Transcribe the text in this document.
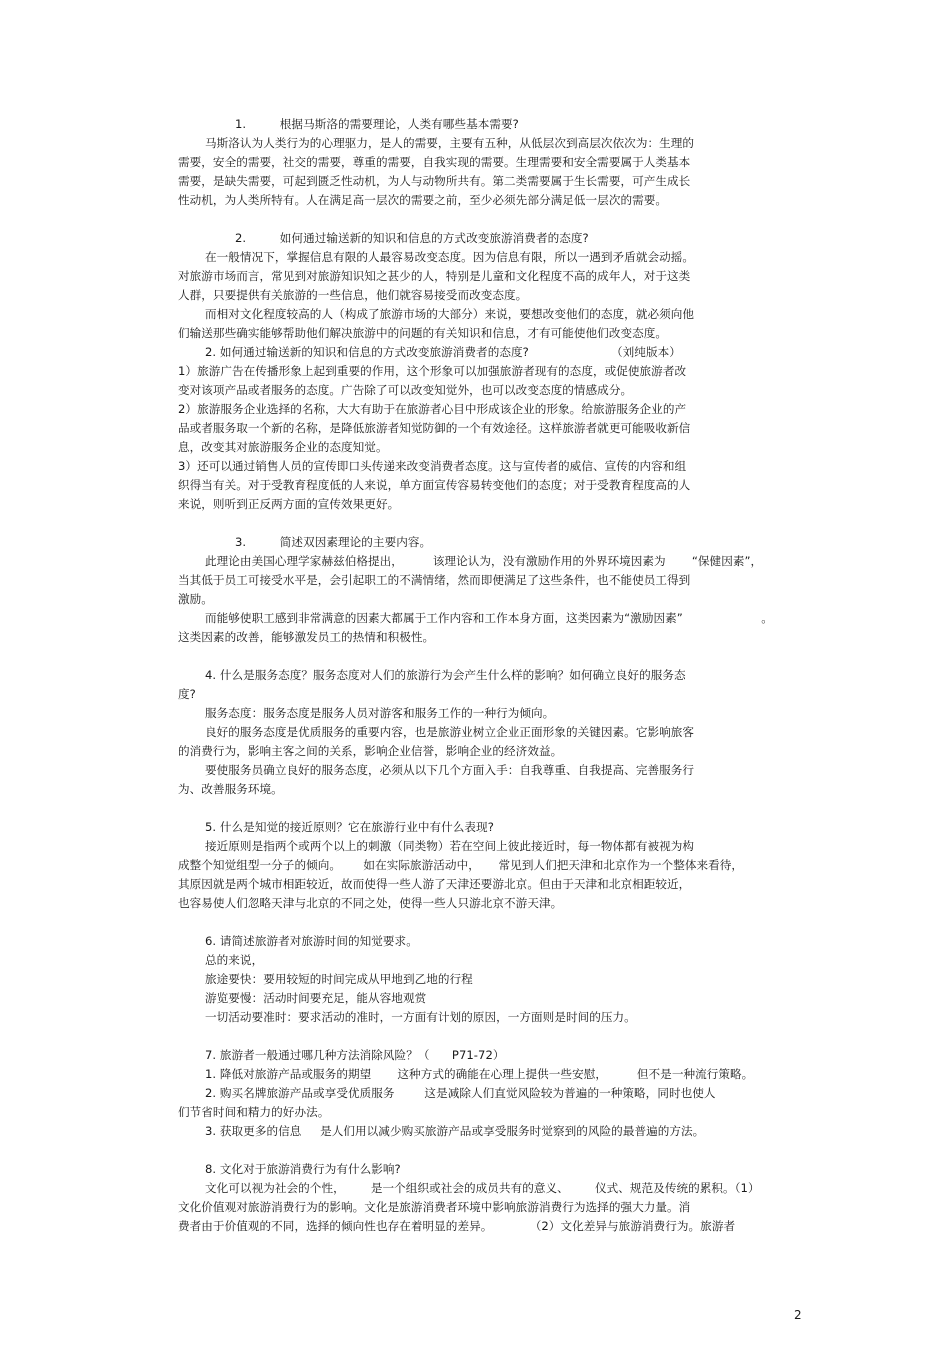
1.         根据马斯洛的需要理论，人类有哪些基本需要?
马斯洛认为人类行为的心理驱力，是人的需要，主要有五种，从低层次到高层次依次为：生理的
需要，安全的需要，社交的需要，尊重的需要，自我实现的需要。生理需要和安全需要属于人类基本
需要，是缺失需要，可起到匮乏性动机，为人与动物所共有。第二类需要属于生长需要，可产生成长
性动机，为人类所特有。人在满足高一层次的需要之前，至少必须先部分满足低一层次的需要。
2.         如何通过输送新的知识和信息的方式改变旅游消费者的态度?
在一般情况下，掌握信息有限的人最容易改变态度。因为信息有限，所以一遇到矛盾就会动摇。
对旅游市场而言，常见到对旅游知识知之甚少的人，特别是儿童和文化程度不高的成年人，对于这类
人群，只要提供有关旅游的一些信息，他们就容易接受而改变态度。
而相对文化程度较高的人（构成了旅游市场的大部分）来说，要想改变他们的态度，就必须向他
们输送那些确实能够帮助他们解决旅游中的问题的有关知识和信息，才有可能使他们改变态度。
2. 如何通过输送新的知识和信息的方式改变旅游消费者的态度?                      （刘纯版本）
1）旅游广告在传播形象上起到重要的作用，这个形象可以加强旅游者现有的态度，或促使旅游者改
变对该项产品或者服务的态度。广告除了可以改变知觉外，也可以改变态度的情感成分。
2）旅游服务企业选择的名称，大大有助于在旅游者心目中形成该企业的形象。给旅游服务企业的产
品或者服务取一个新的名称，是降低旅游者知觉防御的一个有效途径。这样旅游者就更可能吸收新信
息，改变其对旅游服务企业的态度知觉。
3）还可以通过销售人员的宣传即口头传递来改变消费者态度。这与宣传者的威信、宣传的内容和组
织得当有关。对于受教育程度低的人来说，单方面宣传容易转变他们的态度；对于受教育程度高的人
来说，则听到正反两方面的宣传效果更好。
3.         简述双因素理论的主要内容。
此理论由美国心理学家赫兹伯格提出，        该理论认为，没有激励作用的外界环境因素为       “保健因素”，
当其低于员工可接受水平是，会引起职工的不满情绪，然而即便满足了这些条件，也不能使员工得到
激励。
而能够使职工感到非常满意的因素大都属于工作内容和工作本身方面，这类因素为“激励因素”                     。
这类因素的改善，能够激发员工的热情和积极性。
4. 什么是服务态度？服务态度对人们的旅游行为会产生什么样的影响？如何确立良好的服务态
度?
服务态度：服务态度是服务人员对游客和服务工作的一种行为倾向。
良好的服务态度是优质服务的重要内容，也是旅游业树立企业正面形象的关键因素。它影响旅客
的消费行为，影响主客之间的关系，影响企业信誉，影响企业的经济效益。
要使服务员确立良好的服务态度，必须从以下几个方面入手：自我尊重、自我提高、完善服务行
为、改善服务环境。
5. 什么是知觉的接近原则？它在旅游行业中有什么表现?
接近原则是指两个或两个以上的刺激（同类物）若在空间上彼此接近时，每一物体都有被视为构
成整个知觉组型一分子的倾向。      如在实际旅游活动中，     常见到人们把天津和北京作为一个整体来看待，
其原因就是两个城市相距较近，故而使得一些人游了天津还要游北京。但由于天津和北京相距较近，
也容易使人们忽略天津与北京的不同之处，使得一些人只游北京不游天津。
6. 请简述旅游者对旅游时间的知觉要求。
总的来说，
旅途要快：要用较短的时间完成从甲地到乙地的行程
游览要慢：活动时间要充足，能从容地观赏
一切活动要准时：要求活动的准时，一方面有计划的原因，一方面则是时间的压力。
7. 旅游者一般通过哪几种方法消除风险？（      P71-72）
1. 降低对旅游产品或服务的期望       这种方式的确能在心理上提供一些安慰，        但不是一种流行策略。
2. 购买名牌旅游产品或享受优质服务        这是减除人们直觉风险较为普遍的一种策略，同时也使人
们节省时间和精力的好办法。
3. 获取更多的信息     是人们用以减少购买旅游产品或享受服务时觉察到的风险的最普遍的方法。
8. 文化对于旅游消费行为有什么影响?
文化可以视为社会的个性，       是一个组织或社会的成员共有的意义、       仪式、规范及传统的累积。（1）
文化价值观对旅游消费行为的影响。文化是旅游消费者环境中影响旅游消费行为选择的强大力量。消
费者由于价值观的不同，选择的倾向性也存在着明显的差异。          （2）文化差异与旅游消费行为。旅游者
2
